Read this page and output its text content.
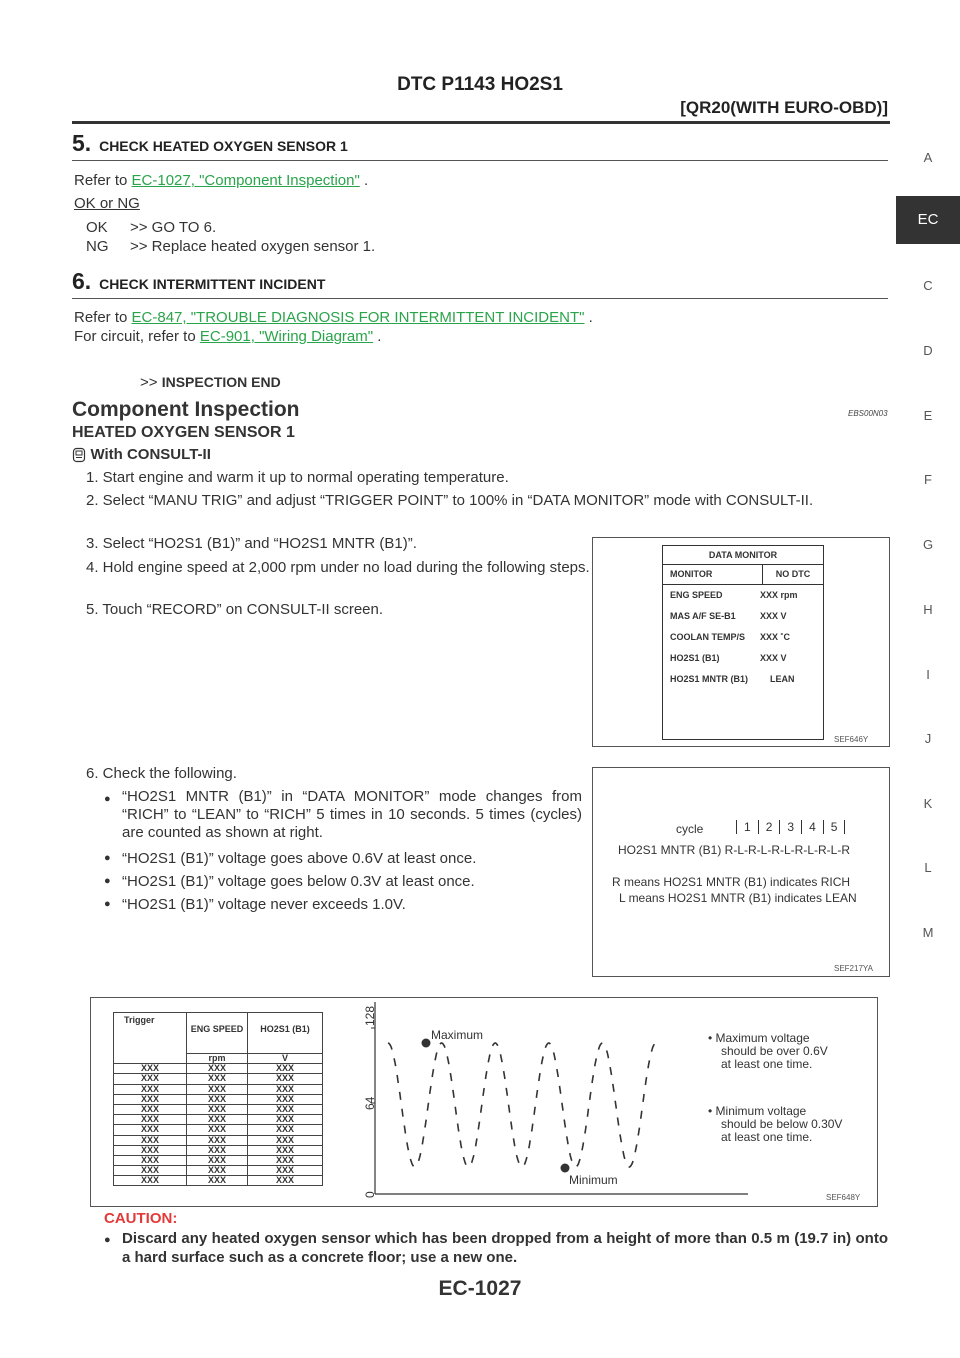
DTC P1143 HO2S1
[QR20(WITH EURO-OBD)]
A
EC
C
D
E
F
G
H
I
J
K
L
M
5. CHECK HEATED OXYGEN SENSOR 1
Refer to EC-1027, "Component Inspection" .
OK or NG
OK >> GO TO 6.
NG >> Replace heated oxygen sensor 1.
6. CHECK INTERMITTENT INCIDENT
Refer to EC-847, "TROUBLE DIAGNOSIS FOR INTERMITTENT INCIDENT" .
For circuit, refer to EC-901, "Wiring Diagram" .
>> INSPECTION END
Component Inspection	EBS00N03
HEATED OXYGEN SENSOR 1
With CONSULT-II
1. Start engine and warm it up to normal operating temperature.
2. Select “MANU TRIG” and adjust “TRIGGER POINT” to 100% in “DATA MONITOR” mode with CONSULT-II.
3. Select “HO2S1 (B1)” and “HO2S1 MNTR (B1)”.
4. Hold engine speed at 2,000 rpm under no load during the following steps.
5. Touch “RECORD” on CONSULT-II screen.
6. Check the following.
● “HO2S1 MNTR (B1)” in “DATA MONITOR” mode changes from “RICH” to “LEAN” to “RICH” 5 times in 10 seconds. 5 times (cycles) are counted as shown at right.
● “HO2S1 (B1)” voltage goes above 0.6V at least once.
● “HO2S1 (B1)” voltage goes below 0.3V at least once.
● “HO2S1 (B1)” voltage never exceeds 1.0V.
DATA MONITOR
MONITOR	NO DTC
ENG SPEED	XXX rpm
MAS A/F SE-B1	XXX V
COOLAN TEMP/S XXX ˚C
HO2S1 (B1)	XXX V
HO2S1 MNTR (B1) LEAN
SEF646Y
cycle	1	2	3	4	5
HO2S1 MNTR (B1) R-L-R-L-R-L-R-L-R-L-R
R means HO2S1 MNTR (B1) indicates RICH
L means HO2S1 MNTR (B1) indicates LEAN
SEF217YA
Trigger	ENG SPEED	HO2S1 (B1)

	rpm	V
XXX	XXX	XXX
XXX	XXX	XXX
XXX	XXX	XXX
XXX	XXX	XXX
XXX	XXX	XXX
XXX	XXX	XXX
XXX	XXX	XXX
XXX	XXX	XXX
XXX	XXX	XXX
XXX	XXX	XXX
XXX	XXX	XXX
XXX	XXX	XXX
128
64
0
Maximum
Minimum
• Maximum voltage
should be over 0.6V
at least one time.
• Minimum voltage
should be below 0.30V
at least one time.
SEF648Y
CAUTION:
● Discard any heated oxygen sensor which has been dropped from a height of more than 0.5 m (19.7 in) onto a hard surface such as a concrete floor; use a new one.
EC-1027
